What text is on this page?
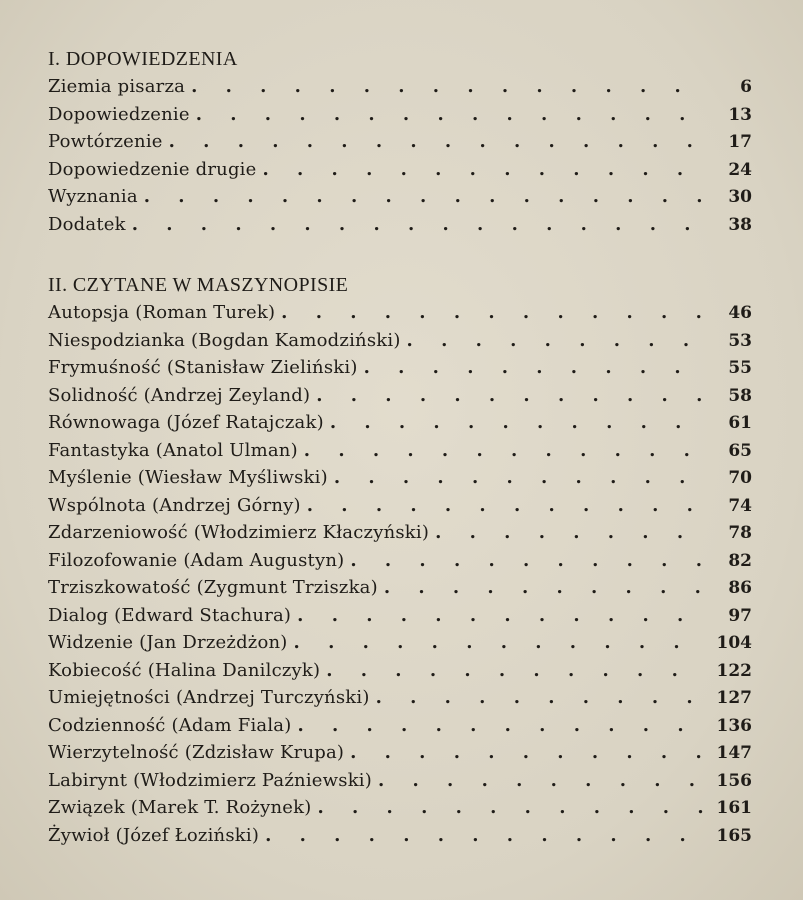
I. DOPOWIEDZENIA
Ziemia pisarza . . .	6
Dopowiedzenie . . .	13
Powtórzenie . . .	17
Dopowiedzenie drugie . . .	24
Wyznania . . .	30
Dodatek . . .	38
II. CZYTANE W MASZYNOPISIE
Autopsja (Roman Turek) . . .	46
Niespodzianka (Bogdan Kamodziński) . . .	53
Frymuśność (Stanisław Zieliński) . . .	55
Solidność (Andrzej Zeyland) . . .	58
Równowaga (Józef Ratajczak) . . .	61
Fantastyka (Anatol Ulman) . . .	65
Myślenie (Wiesław Myśliwski) . . .	70
Wspólnota (Andrzej Górny) . . .	74
Zdarzeniowość (Włodzimierz Kłaczyński) . . .	78
Filozofowanie (Adam Augustyn) . . .	82
Trziszkowatość (Zygmunt Trziszka) . . .	86
Dialog (Edward Stachura) . . .	97
Widzenie (Jan Drzeżdżon) . . .	104
Kobiecość (Halina Danilczyk) . . .	122
Umiejętności (Andrzej Turczyński) . . .	127
Codzienność (Adam Fiala) . . .	136
Wierzytelność (Zdzisław Krupa) . . .	147
Labirynt (Włodzimierz Paźniewski) . . .	156
Związek (Marek T. Rożynek) . . .	161
Żywioł (Józef Łoziński) . . .	165
